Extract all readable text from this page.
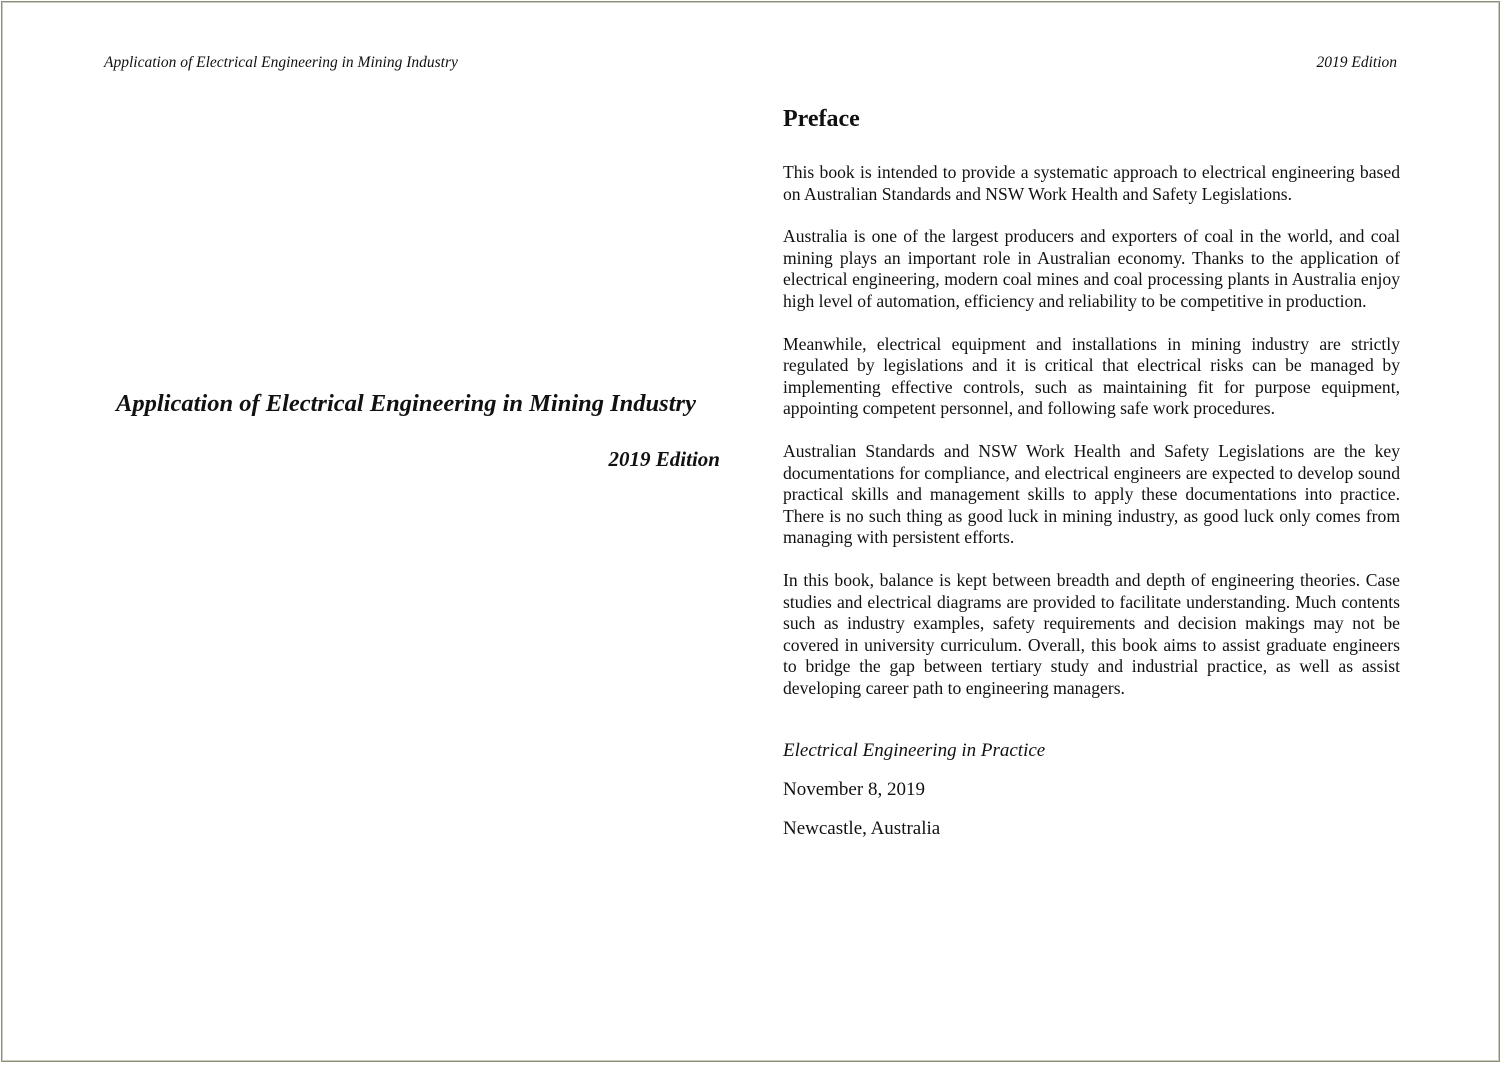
Application of Electrical Engineering in Mining Industry	2019 Edition
Application of Electrical Engineering in Mining Industry
2019 Edition
Preface

This book is intended to provide a systematic approach to electrical engineering based on Australian Standards and NSW Work Health and Safety Legislations.

Australia is one of the largest producers and exporters of coal in the world, and coal mining plays an important role in Australian economy. Thanks to the application of electrical engineering, modern coal mines and coal processing plants in Australia enjoy high level of automation, efficiency and reliability to be competitive in production.

Meanwhile, electrical equipment and installations in mining industry are strictly regulated by legislations and it is critical that electrical risks can be managed by implementing effective controls, such as maintaining fit for purpose equipment, appointing competent personnel, and following safe work procedures.

Australian Standards and NSW Work Health and Safety Legislations are the key documentations for compliance, and electrical engineers are expected to develop sound practical skills and management skills to apply these documentations into practice. There is no such thing as good luck in mining industry, as good luck only comes from managing with persistent efforts.

In this book, balance is kept between breadth and depth of engineering theories. Case studies and electrical diagrams are provided to facilitate understanding. Much contents such as industry examples, safety requirements and decision makings may not be covered in university curriculum. Overall, this book aims to assist graduate engineers to bridge the gap between tertiary study and industrial practice, as well as assist developing career path to engineering managers.

Electrical Engineering in Practice
November 8, 2019
Newcastle, Australia
